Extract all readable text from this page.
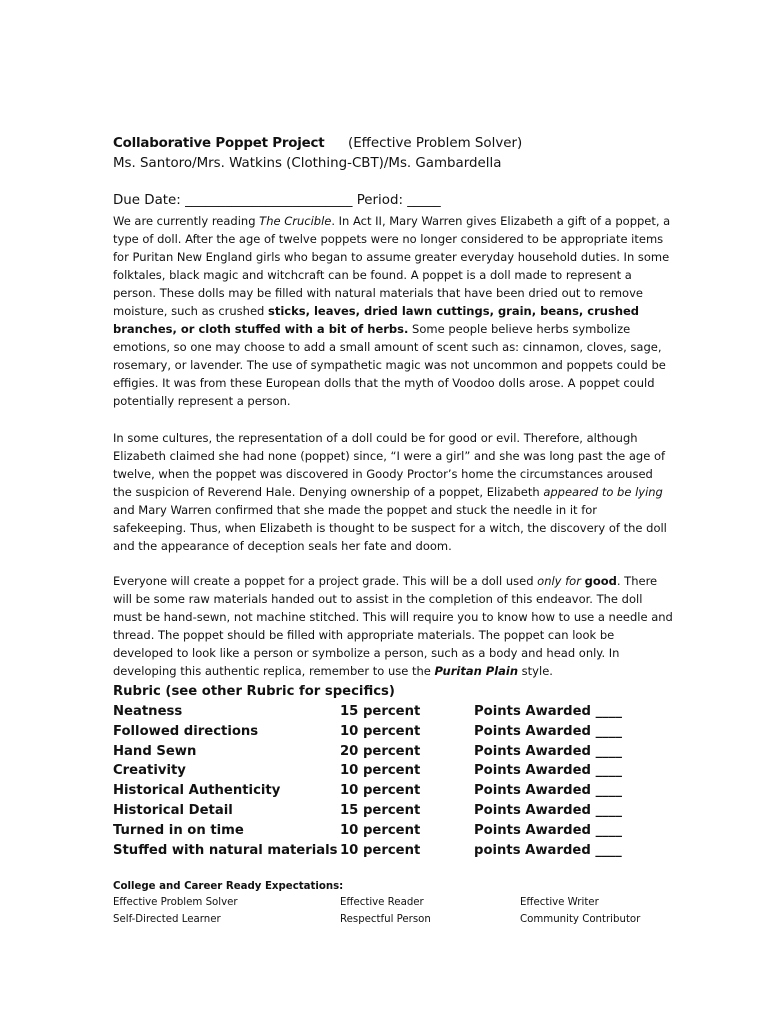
Collaborative Poppet Project (Effective Problem Solver)
Ms. Santoro/Mrs. Watkins (Clothing-CBT)/Ms. Gambardella
Due Date: _________________________ Period: _____

We are currently reading The Crucible. In Act II, Mary Warren gives Elizabeth a gift of a poppet, a type of doll. After the age of twelve poppets were no longer considered to be appropriate items for Puritan New England girls who began to assume greater everyday household duties. In some folktales, black magic and witchcraft can be found. A poppet is a doll made to represent a person. These dolls may be filled with natural materials that have been dried out to remove moisture, such as crushed sticks, leaves, dried lawn cuttings, grain, beans, crushed branches, or cloth stuffed with a bit of herbs. Some people believe herbs symbolize emotions, so one may choose to add a small amount of scent such as: cinnamon, cloves, sage, rosemary, or lavender. The use of sympathetic magic was not uncommon and poppets could be effigies. It was from these European dolls that the myth of Voodoo dolls arose. A poppet could potentially represent a person.

In some cultures, the representation of a doll could be for good or evil. Therefore, although Elizabeth claimed she had none (poppet) since, “I were a girl” and she was long past the age of twelve, when the poppet was discovered in Goody Proctor’s home the circumstances aroused the suspicion of Reverend Hale. Denying ownership of a poppet, Elizabeth appeared to be lying and Mary Warren confirmed that she made the poppet and stuck the needle in it for safekeeping. Thus, when Elizabeth is thought to be suspect for a witch, the discovery of the doll and the appearance of deception seals her fate and doom.

Everyone will create a poppet for a project grade. This will be a doll used only for good. There will be some raw materials handed out to assist in the completion of this endeavor. The doll must be hand-sewn, not machine stitched. This will require you to know how to use a needle and thread. The poppet should be filled with appropriate materials. The poppet can look be developed to look like a person or symbolize a person, such as a body and head only. In developing this authentic replica, remember to use the Puritan Plain style.

Rubric (see other Rubric for specifics)
Neatness	15 percent	Points Awarded ____
Followed directions	10 percent	Points Awarded ____
Hand Sewn	20 percent	Points Awarded ____
Creativity	10 percent	Points Awarded ____
Historical Authenticity	10 percent	Points Awarded ____
Historical Detail	15 percent	Points Awarded ____
Turned in on time	10 percent	Points Awarded ____
Stuffed with natural materials 10 percent	points Awarded ____
College and Career Ready Expectations:
Effective Problem Solver	Effective Reader	Effective Writer
Self-Directed Learner	Respectful Person	Community Contributor
